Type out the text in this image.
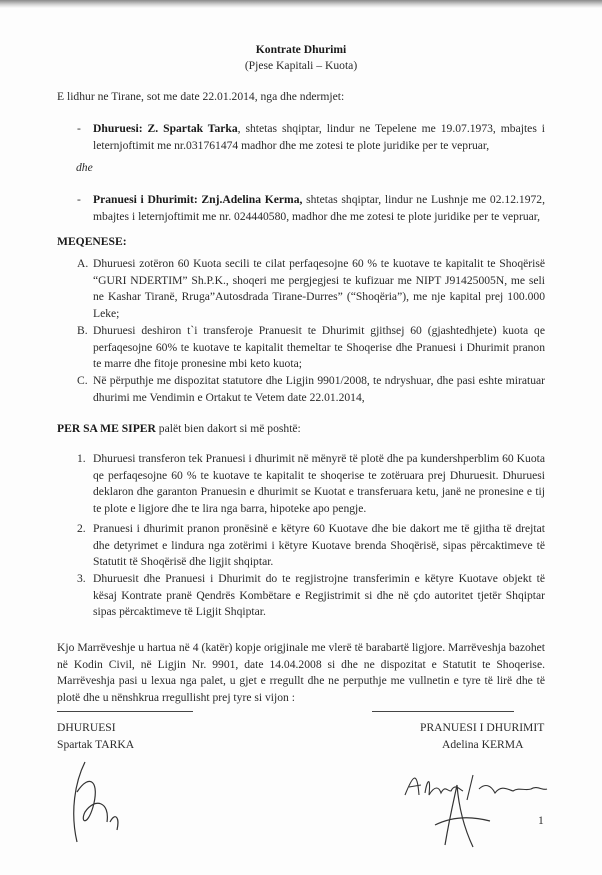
Kontrate Dhurimi
(Pjese Kapitali – Kuota)
E lidhur ne Tirane, sot me date 22.01.2014, nga dhe ndermjet:
- Dhuruesi: Z. Spartak Tarka, shtetas shqiptar, lindur ne Tepelene me 19.07.1973, mbajtes i leternjoftimit me nr.031761474 madhor dhe me zotesi te plote juridike per te vepruar,
dhe
- Pranuesi i Dhurimit: Znj.Adelina Kerma, shtetas shqiptar, lindur ne Lushnje me 02.12.1972, mbajtes i leternjoftimit me nr. 024440580, madhor dhe me zotesi te plote juridike per te vepruar,
MEQENESE:
A. Dhuruesi zotëron 60 Kuota secili te cilat perfaqesojne 60 % te kuotave te kapitalit te Shoqërisë “GURI NDERTIM” Sh.P.K., shoqeri me pergjegjesi te kufizuar me NIPT J91425005N, me seli ne Kashar Tiranë, Rruga”Autosdrada Tirane-Durres” (“Shoqëria”), me nje kapital prej 100.000 Leke;
B. Dhuruesi deshiron t`i transferoje Pranuesit te Dhurimit gjithsej 60 (gjashtedhjete) kuota qe perfaqesojne 60% te kuotave te kapitalit themeltar te Shoqerise dhe Pranuesi i Dhurimit pranon te marre dhe fitoje pronesine mbi keto kuota;
C. Në përputhje me dispozitat statutore dhe Ligjin 9901/2008, te ndryshuar, dhe pasi eshte miratuar dhurimi me Vendimin e Ortakut te Vetem date 22.01.2014,
PER SA ME SIPER palët bien dakort si më poshtë:
1. Dhuruesi transferon tek Pranuesi i dhurimit në mënyrë të plotë dhe pa kundershperblim 60 Kuota qe perfaqesojne 60 % te kuotave te kapitalit te shoqerise te zotëruara prej Dhuruesit. Dhuruesi deklaron dhe garanton Pranuesin e dhurimit se Kuotat e transferuara ketu, janë ne pronesine e tij te plote e ligjore dhe te lira nga barra, hipoteke apo pengje.
2. Pranuesi i dhurimit pranon pronësinë e këtyre 60 Kuotave dhe bie dakort me të gjitha të drejtat dhe detyrimet e lindura nga zotërimi i këtyre Kuotave brenda Shoqërisë, sipas përcaktimeve të Statutit të Shoqërisë dhe ligjit shqiptar.
3. Dhuruesit dhe Pranuesi i Dhurimit do te regjistrojne transferimin e këtyre Kuotave objekt të kësaj Kontrate pranë Qendrës Kombëtare e Regjistrimit si dhe në çdo autoritet tjetër Shqiptar sipas përcaktimeve të Ligjit Shqiptar.
Kjo Marrëveshje u hartua në 4 (katër) kopje origjinale me vlerë të barabartë ligjore. Marrëveshja bazohet në Kodin Civil, në Ligjin Nr. 9901, date 14.04.2008 si dhe ne dispozitat e Statutit te Shoqerise. Marrëveshja pasi u lexua nga palet, u gjet e rregullt dhe ne perputhje me vullnetin e tyre të lirë dhe të plotë dhe u nënshkrua rregullisht prej tyre si vijon :
DHURUESI
Spartak TARKA
PRANUESI I DHURIMIT
Adelina KERMA
1
